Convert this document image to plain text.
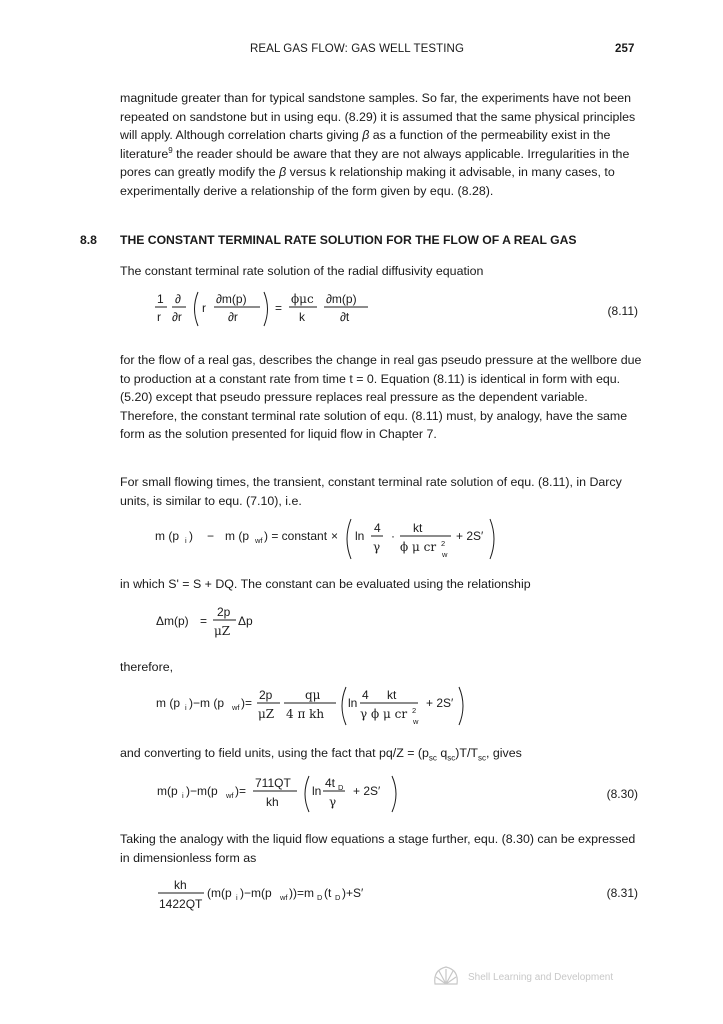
REAL GAS FLOW: GAS WELL TESTING	257

magnitude greater than for typical sandstone samples. So far, the experiments have not been repeated on sandstone but in using equ. (8.29) it is assumed that the same physical principles will apply. Although correlation charts giving β as a function of the permeability exist in the literature$^9$ the reader should be aware that they are not always applicable. Irregularities in the pores can greatly modify the β versus k relationship making it advisable, in many cases, to experimentally derive a relationship of the form given by equ. (8.28).

8.8 THE CONSTANT TERMINAL RATE SOLUTION FOR THE FLOW OF A REAL GAS

The constant terminal rate solution of the radial diffusivity equation

1
r
∂
∂r
r
∂m(p)
∂r
=
ϕμc
k
∂m(p)
∂t	(8.11)

for the flow of a real gas, describes the change in real gas pseudo pressure at the wellbore due to production at a constant rate from time t = 0. Equation (8.11) is identical in form with equ. (5.20) except that pseudo pressure replaces real pressure as the dependent variable. Therefore, the constant terminal rate solution of equ. (8.11) must, by analogy, have the same form as the solution presented for liquid flow in Chapter 7.

For small flowing times, the transient, constant terminal rate solution of equ. (8.11), in Darcy units, is similar to equ. (7.10), i.e.

m (p i ) − m (p wf ) = constant × ln
4
γ
·
kt
ϕ μ cr 2
w
+ 2S′

in which S' = S + DQ. The constant can be evaluated using the relationship

Δm(p) =
2p
μZ
Δp

therefore,

m (p i )−m (p wf )=
2p
μZ
qμ
4 π kh
ln
4 kt
γ ϕ μ cr 2
w
+ 2S′

and converting to field units, using the fact that $pq/Z = (p_{sc}$ $q_{sc})T/T_{sc}$, gives

m(p i )−m(p wf )=
711QT
kh
ln
4t D
γ
+ 2S′	(8.30)

Taking the analogy with the liquid flow equations a stage further, equ. (8.30) can be expressed in dimensionless form as

kh
1422QT
(m(p i )−m(p wf ))=m D (t D )+S′	(8.31)
Shell Learning and Development
